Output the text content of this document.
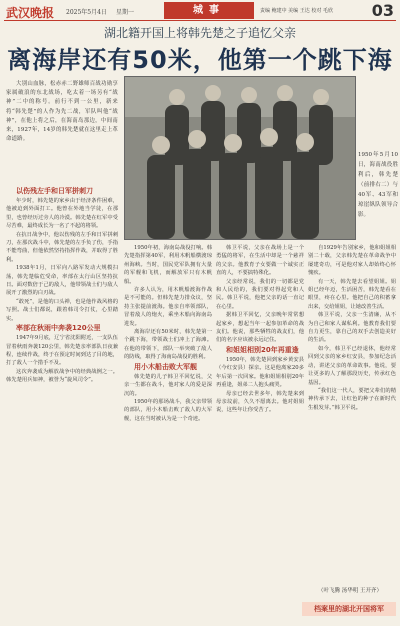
武汉晚报 2025年5月4日 星期一	城事	责编 鲍建中 美编 王达 校对 毛欣 03
湖北籍开国上将韩先楚之子追忆父亲
离海岸还有50米，他第一个跳下海
大别山血脉，松赤赤二野雄师百战功勋享家属破浪的东北战场，吃太着一场另有“战神”二中的称号。前行不到一公里，新来将“韩先楚”的人作为先二战，军队叫他“战神”，在他上将之后，在海南岛那边，中间南来，1927年，14岁的韩先楚就在这里走上革命道路。
1950年5月10日，海南战役胜利后，韩先楚（前排右二）与40军、43军和琼崖纵队领导合影。

以伤残左手和日军拼刺刀

年少时，韩先楚的家乡由于经济条件困难，他被迫到外面打工。他曾在外地当学徒，在那里，也曾经历过旁人的冷漠。韩先楚在红军中受尽苦难，最终成长为一名了不起的将领。

在抗日战争中，他以伤残的左手和日军拼刺刀，在那次战斗中，韩先楚的左手负了伤，手指不能弯曲，但他依然坚持指挥作战，并取得了胜利。

1938年1月，日军向八路军发动大规模扫荡，韩先楚临危受命，率部在太行山区坚持抗日。面对数倍于己的敌人，他带领战士们与敌人展开了激烈的白刃战。

“敢死”，是他的口头禅，也是他作战风格的写照。战士们都说，跟着韩司令打仗，心里踏实。

率部在秋雨中奔袭120公里

1947年9月底，辽宁省沈阳附近，一支队伍冒着秋雨奔袭120公里，韩先楚亲率部队日夜兼程，连续作战，终于在预定时间到达了目的地，打了敌人一个措手不及。

这次奔袭成为解放战争中的经典战例之一。韩先楚用兵如神，被誉为“旋风司令”。

1950年初，海南岛战役打响。韩先楚指挥第40军，利用木帆船横渡琼州海峡。当时，国民党军队拥有大量的军舰和飞机，而解放军只有木帆船。

许多人认为，用木帆船渡海作战是不可能的。但韩先楚力排众议，坚持主张提前渡海。他亲自率领部队，冒着敌人的炮火，乘坐木船向海南岛进发。

离海岸还有50米时，韩先楚第一个跳下海，带领战士们冲上了海滩。在他的带领下，部队一举突破了敌人的防线，取得了海南岛战役的胜利。

用小木船击败大军舰

韩先楚的儿子韩卫平回忆说，父亲一生都在战斗，他对家人的爱是深沉的。

1950年的那场战斗，我父亲带领的部队，用小木船击败了敌人的大军舰，这在当时被认为是一个奇迹。

韩卫平说，父亲在战场上是一个勇猛的将军，在生活中却是一个慈祥的父亲。他教育子女要做一个诚实正直的人，不要搞特殊化。

父亲经常说，我们的一切都是党和人民给的，我们要对得起党和人民。韩卫平说，他把父亲的话一直记在心里。

据韩卫平回忆，父亲晚年常常想起家乡，想起当年一起参加革命的战友们。他说，那些牺牲的战友们，他们的名字应该被永远记住。

和姐姐相别20年再重逢

1950年，韩先楚回到家乡黄安县（今红安县）探亲。这是他离家20多年后第一次回家。他和姐姐相别20年再重逢，姐弟二人抱头痛哭。

母亲已经去世多年，韩先楚来到母亲坟前，久久不愿离去。他对姐姐说，这些年让你受苦了。

自1929年告别家乡，他和姐姐相别二十载，父亲韩先楚在革命战争中屡建奇功，可是他对家人却始终心怀愧疚。

有一天，韩先楚去看望姐姐。姐姐已经年迈，生活困苦，韩先楚看在眼里，疼在心里。他把自己的积蓄拿出来，交给姐姐，让她改善生活。

韩卫平说，父亲一生清廉，从不为自己和家人谋私利。他教育我们要自力更生，靠自己的双手去创造美好的生活。

如今，韩卫平已经退休，他经常回到父亲的家乡红安县，参加纪念活动，讲述父亲的革命故事。他说，要让更多的人了解那段历史，传承红色基因。

“我们这一代人，要把父辈们的精神传承下去，让红色的种子在新时代生根发芽。”韩卫平说。

（叶飞腾 汤华明 王开齐）
档案里的湖北开国将军
